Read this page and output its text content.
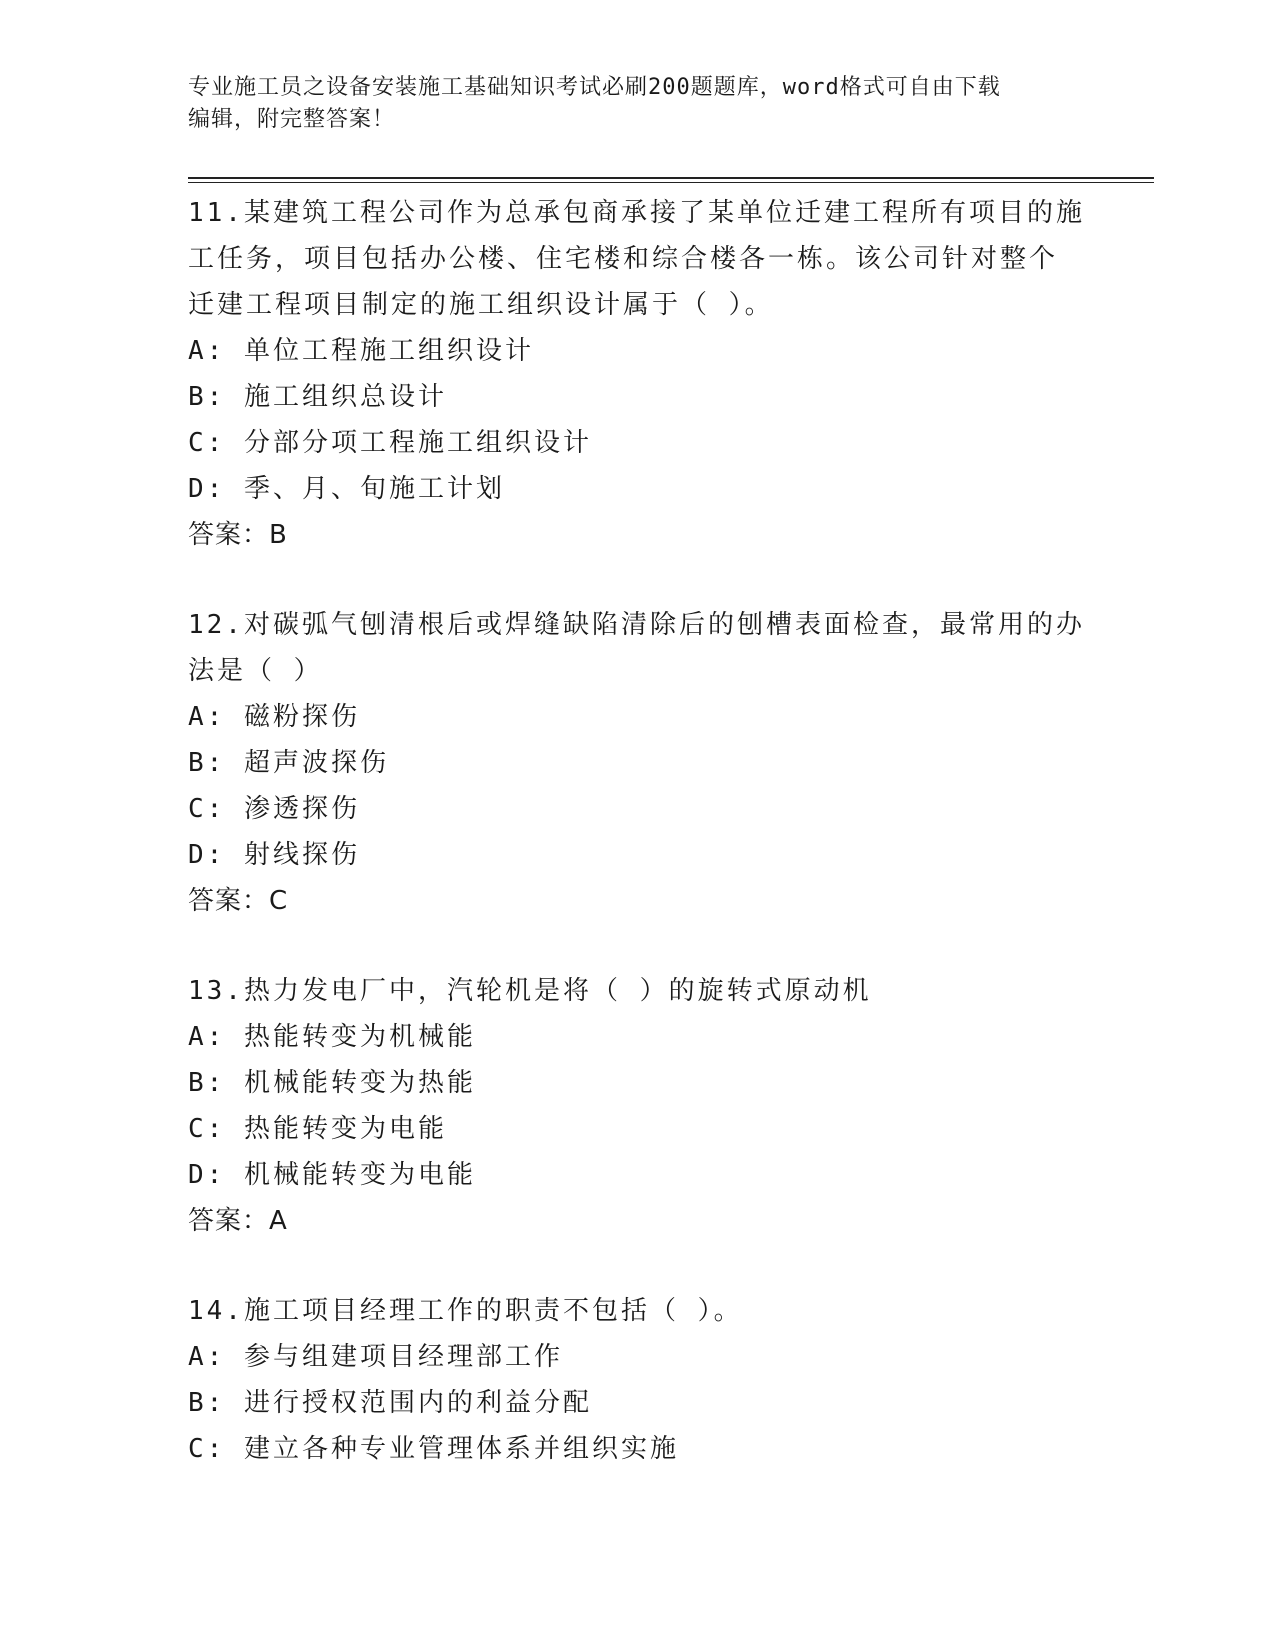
专业施工员之设备安装施工基础知识考试必刷200题题库，word格式可自由下载
编辑，附完整答案！
11.某建筑工程公司作为总承包商承接了某单位迁建工程所有项目的施
工任务，项目包括办公楼、住宅楼和综合楼各一栋。该公司针对整个
迁建工程项目制定的施工组织设计属于（ ）。
A: 单位工程施工组织设计
B: 施工组织总设计
C: 分部分项工程施工组织设计
D: 季、月、旬施工计划
答案：B
12.对碳弧气刨清根后或焊缝缺陷清除后的刨槽表面检查，最常用的办
法是（ ）
A: 磁粉探伤
B: 超声波探伤
C: 渗透探伤
D: 射线探伤
答案：C
13.热力发电厂中，汽轮机是将（ ）的旋转式原动机
A: 热能转变为机械能
B: 机械能转变为热能
C: 热能转变为电能
D: 机械能转变为电能
答案：A
14.施工项目经理工作的职责不包括（ ）。
A: 参与组建项目经理部工作
B: 进行授权范围内的利益分配
C: 建立各种专业管理体系并组织实施
